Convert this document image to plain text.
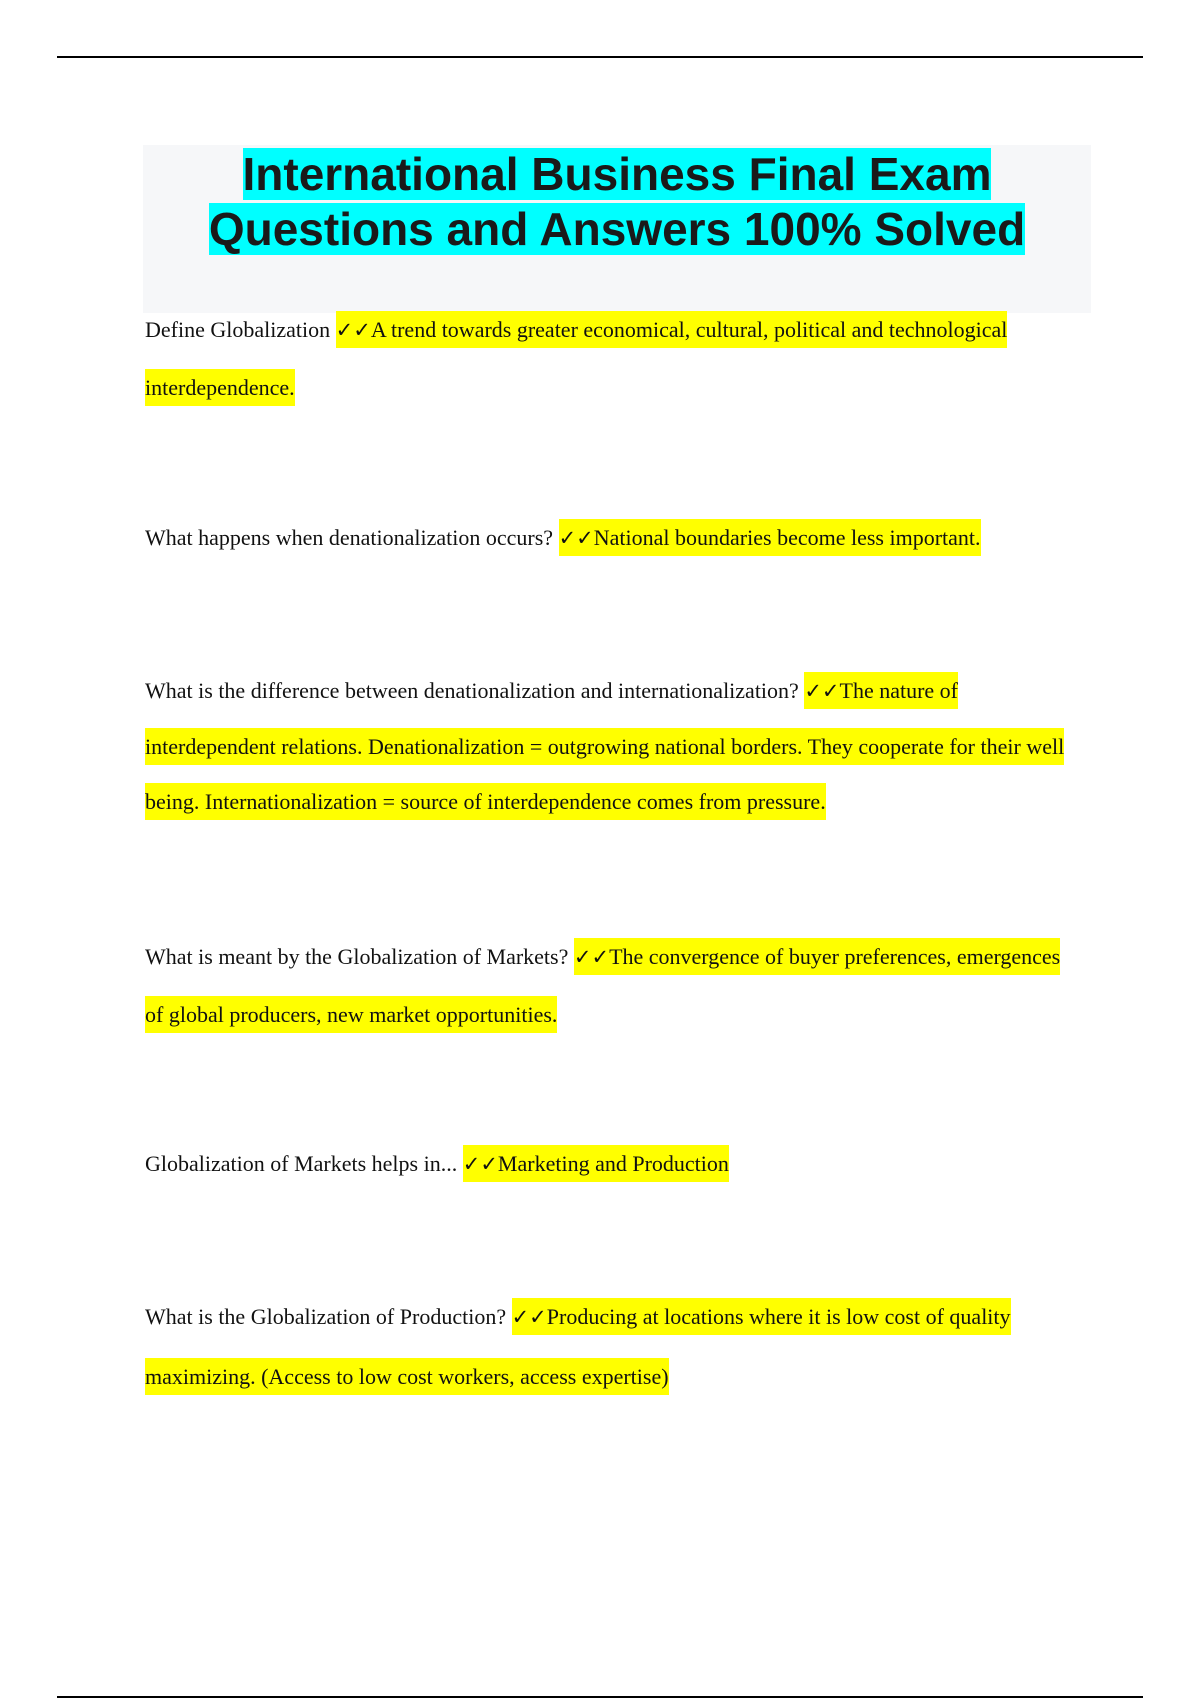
International Business Final Exam
Questions and Answers 100% Solved

Define Globalization ✓✓A trend towards greater economical, cultural, political and technological interdependence.

What happens when denationalization occurs? ✓✓National boundaries become less important.

What is the difference between denationalization and internationalization? ✓✓The nature of interdependent relations. Denationalization = outgrowing national borders. They cooperate for their well being. Internationalization = source of interdependence comes from pressure.

What is meant by the Globalization of Markets? ✓✓The convergence of buyer preferences, emergences of global producers, new market opportunities.

Globalization of Markets helps in... ✓✓Marketing and Production

What is the Globalization of Production? ✓✓Producing at locations where it is low cost of quality maximizing. (Access to low cost workers, access expertise)
